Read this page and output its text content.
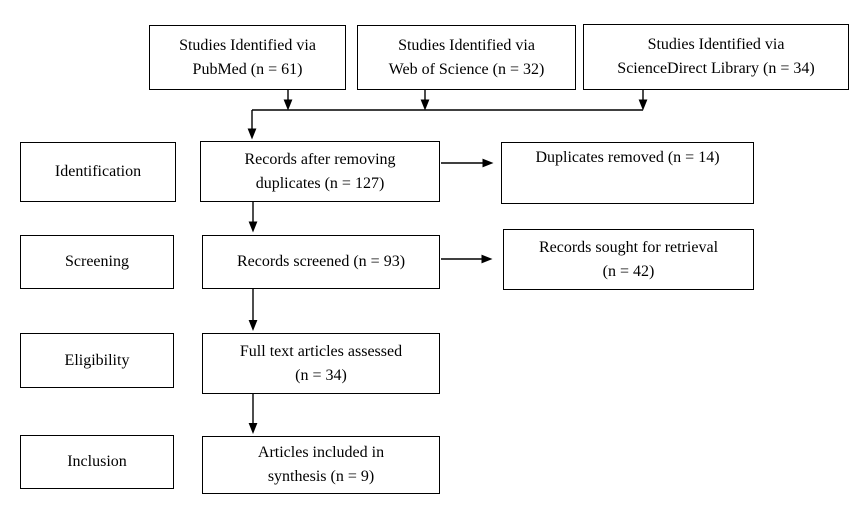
Studies Identified via
PubMed (n = 61)
Studies Identified via
Web of Science (n = 32)
Studies Identified via
ScienceDirect Library (n = 34)
Identification
Screening
Eligibility
Inclusion
Records after removing
duplicates (n = 127)
Records screened (n = 93)
Full text articles assessed
(n = 34)
Articles included in
synthesis (n = 9)
Duplicates removed (n = 14)
Records sought for retrieval
(n = 42)
